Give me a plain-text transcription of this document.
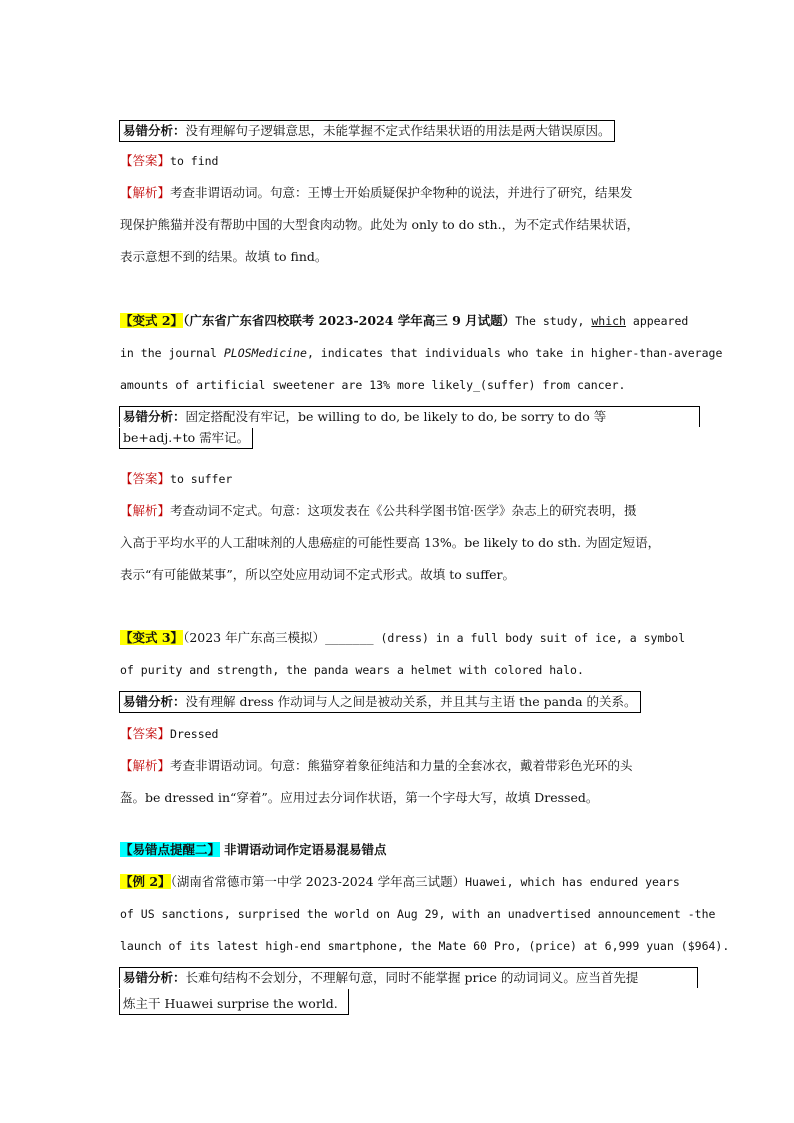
易错分析：没有理解句子逻辑意思，未能掌握不定式作结果状语的用法是两大错误原因。
【答案】to find
【解析】考查非谓语动词。句意：王博士开始质疑保护伞物种的说法，并进行了研究，结果发
现保护熊猫并没有帮助中国的大型食肉动物。此处为 only to do sth.，为不定式作结果状语，
表示意想不到的结果。故填 to find。
【变式 2】（广东省广东省四校联考 2023-2024 学年高三 9 月试题）The study, which appeared
in the journal PLOSMedicine, indicates that individuals who take in higher-than-average
amounts of artificial sweetener are 13% more likely_(suffer) from cancer.
易错分析：固定搭配没有牢记，be willing to do, be likely to do, be sorry to do 等
be+adj.+to 需牢记。
【答案】to suffer
【解析】考查动词不定式。句意：这项发表在《公共科学图书馆·医学》杂志上的研究表明，摄
入高于平均水平的人工甜味剂的人患癌症的可能性要高 13%。be likely to do sth. 为固定短语，
表示“有可能做某事”，所以空处应用动词不定式形式。故填 to suffer。
【变式 3】（2023 年广东高三模拟）_______ (dress) in a full body suit of ice, a symbol
of purity and strength, the panda wears a helmet with colored halo.
易错分析：没有理解 dress 作动词与人之间是被动关系，并且其与主语 the panda 的关系。
【答案】Dressed
【解析】考查非谓语动词。句意：熊猫穿着象征纯洁和力量的全套冰衣，戴着带彩色光环的头
盔。be dressed in“穿着”。应用过去分词作状语，第一个字母大写，故填 Dressed。
【易错点提醒二】 非谓语动词作定语易混易错点
【例 2】（湖南省常德市第一中学 2023-2024 学年高三试题）Huawei, which has endured years
of US sanctions, surprised the world on Aug 29, with an unadvertised announcement -the
launch of its latest high-end smartphone, the Mate 60 Pro, (price) at 6,999 yuan ($964).
易错分析：长难句结构不会划分，不理解句意，同时不能掌握 price 的动词词义。应当首先提
炼主干 Huawei surprise the world.
